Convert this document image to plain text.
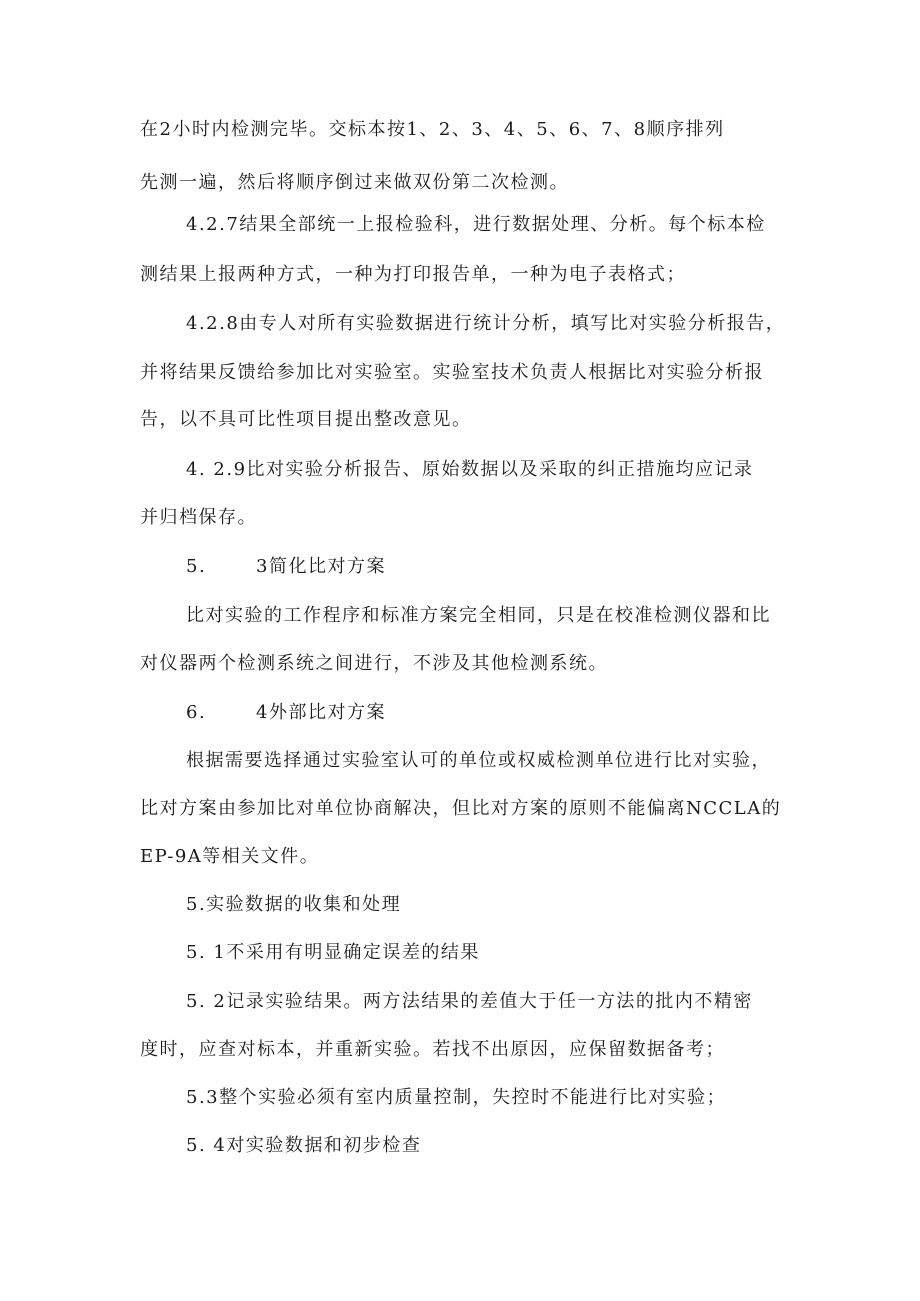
在2小时内检测完毕。交标本按1、2、3、4、5、6、7、8顺序排列
先测一遍，然后将顺序倒过来做双份第二次检测。
4.2.7结果全部统一上报检验科，进行数据处理、分析。每个标本检
测结果上报两种方式，一种为打印报告单，一种为电子表格式；
4.2.8由专人对所有实验数据进行统计分析，填写比对实验分析报告，
并将结果反馈给参加比对实验室。实验室技术负责人根据比对实验分析报
告，以不具可比性项目提出整改意见。
4. 2.9比对实验分析报告、原始数据以及采取的纠正措施均应记录
并归档保存。
5.	3简化比对方案
比对实验的工作程序和标准方案完全相同，只是在校准检测仪器和比
对仪器两个检测系统之间进行，不涉及其他检测系统。
6.	4外部比对方案
根据需要选择通过实验室认可的单位或权威检测单位进行比对实验，
比对方案由参加比对单位协商解决，但比对方案的原则不能偏离NCCLA的
EP-9A等相关文件。
5.实验数据的收集和处理
5. 1不采用有明显确定误差的结果
5. 2记录实验结果。两方法结果的差值大于任一方法的批内不精密
度时，应查对标本，并重新实验。若找不出原因，应保留数据备考；
5.3整个实验必须有室内质量控制，失控时不能进行比对实验；
5. 4对实验数据和初步检查
